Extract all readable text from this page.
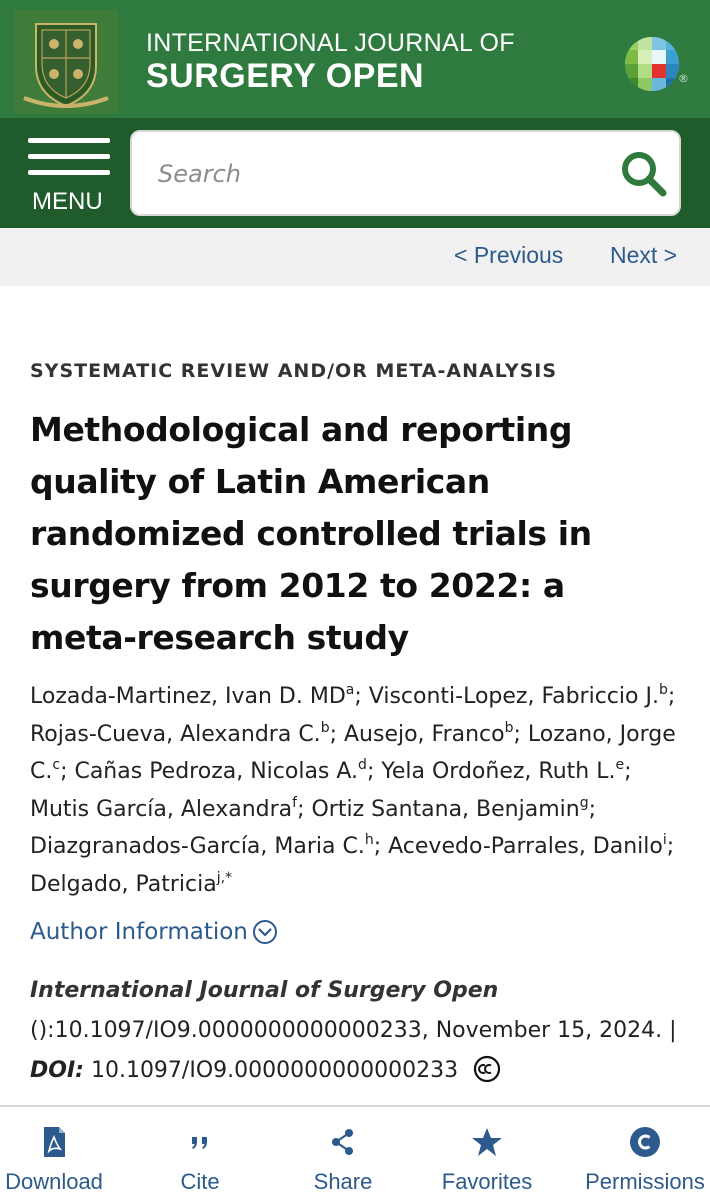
INTERNATIONAL JOURNAL OF
SURGERY OPEN	®
MENU
Search
< Previous Next >
SYSTEMATIC REVIEW AND/OR META-ANALYSIS
Methodological and reporting quality of Latin American randomized controlled trials in surgery from 2012 to 2022: a meta-research study
Lozada-Martinez, Ivan D. $MD^a$; Visconti-Lopez, Fabriccio J.$^b$; Rojas-Cueva, Alexandra C.$^b$; Ausejo, Franco$^b$; Lozano, Jorge C.$^c$; Cañas Pedroza, Nicolas A.$^d$; Yela Ordoñez, Ruth L.$^e$; Mutis García, Alexandra$^f$; Ortiz Santana, Benjamin$^g$; Diazgranados-García, Maria C.$^h$; Acevedo-Parrales, Danilo$^i$; Delgado, Patricia$^{j,*}$
Author Information
International Journal of Surgery Open
():10.1097/IO9.0000000000000233, November 15, 2024. |
DOI: 10.1097/IO9.0000000000000233
Download	Cite	Share	Favorites	Permissions
